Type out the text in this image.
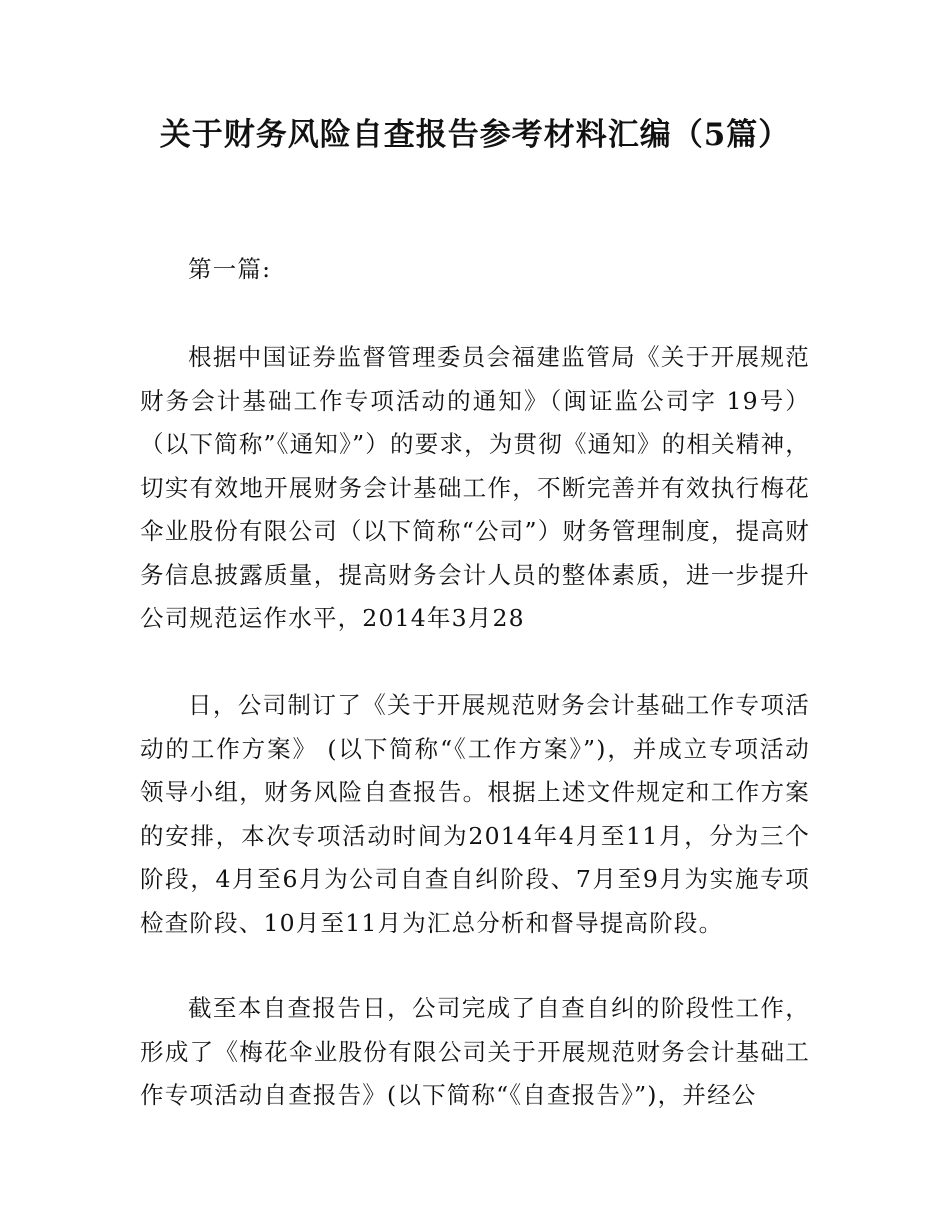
关于财务风险自查报告参考材料汇编（5篇）

第一篇:

根据中国证券监督管理委员会福建监管局《关于开展规范财务会计基础工作专项活动的通知》（闽证监公司字 19号）（以下简称”《通知》”）的要求，为贯彻《通知》的相关精神，切实有效地开展财务会计基础工作，不断完善并有效执行梅花伞业股份有限公司（以下简称“公司”）财务管理制度，提高财务信息披露质量，提高财务会计人员的整体素质，进一步提升公司规范运作水平，2014年3月28

日，公司制订了《关于开展规范财务会计基础工作专项活动的工作方案》 (以下简称“《工作方案》”)，并成立专项活动领导小组，财务风险自查报告。根据上述文件规定和工作方案的安排，本次专项活动时间为2014年4月至11月，分为三个阶段，4月至6月为公司自查自纠阶段、7月至9月为实施专项检查阶段、10月至11月为汇总分析和督导提高阶段。

截至本自查报告日，公司完成了自查自纠的阶段性工作，形成了《梅花伞业股份有限公司关于开展规范财务会计基础工作专项活动自查报告》(以下简称“《自查报告》”)，并经公
